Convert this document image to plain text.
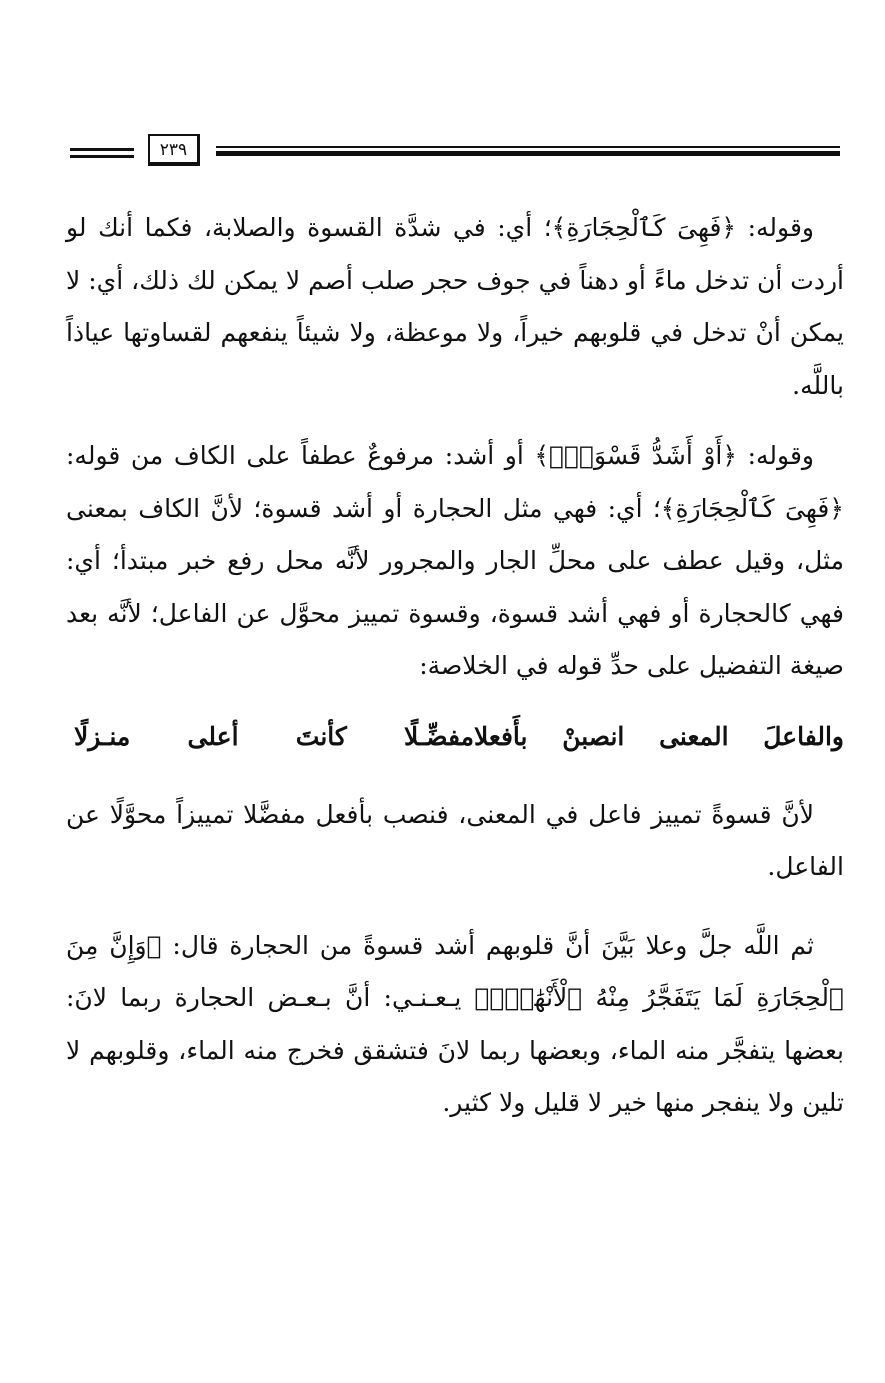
٢٣٩

وقوله: ﴿فَهِىَ كَٱلْحِجَارَةِ﴾؛ أي: في شدَّة القسوة والصلابة، فكما أنك لو أردت أن تدخل ماءً أو دهناً في جوف حجر صلب أصم لا يمكن لك ذلك، أي: لا يمكن أنْ تدخل في قلوبهم خيراً، ولا موعظة، ولا شيئاً ينفعهم لقساوتها عياذاً باللَّه.

وقوله: ﴿أَوْ أَشَدُّ قَسْوَةًۚ﴾ أو أشد: مرفوعٌ عطفاً على الكاف من قوله: ﴿فَهِىَ كَٱلْحِجَارَةِ﴾؛ أي: فهي مثل الحجارة أو أشد قسوة؛ لأنَّ الكاف بمعنى مثل، وقيل عطف على محلِّ الجار والمجرور لأنَّه محل رفع خبر مبتدأ؛ أي: فهي كالحجارة أو فهي أشد قسوة، وقسوة تمييز محوَّل عن الفاعل؛ لأنَّه بعد صيغة التفضيل على حدِّ قوله في الخلاصة:

والفاعلَ المعنى انصبنْ بأَفعلامفضِّـلًا كأنتَ أعلى منـزلًا

لأنَّ قسوةً تمييز فاعل في المعنى، فنصب بأفعل مفضَّلا تمييزاً محوَّلًا عن الفاعل.

ثم اللَّه جلَّ وعلا بَيَّنَ أنَّ قلوبهم أشد قسوةً من الحجارة قال: ﴿وَإِنَّ مِنَ ٱلْحِجَارَةِ لَمَا يَتَفَجَّرُ مِنْهُ ٱلْأَنْهَٰرُۚ﴾ يـعـنـي: أنَّ بـعـض الحجارة ربما لانَ: بعضها يتفجَّر منه الماء، وبعضها ربما لانَ فتشقق فخرج منه الماء، وقلوبهم لا تلين ولا ينفجر منها خير لا قليل ولا كثير.
